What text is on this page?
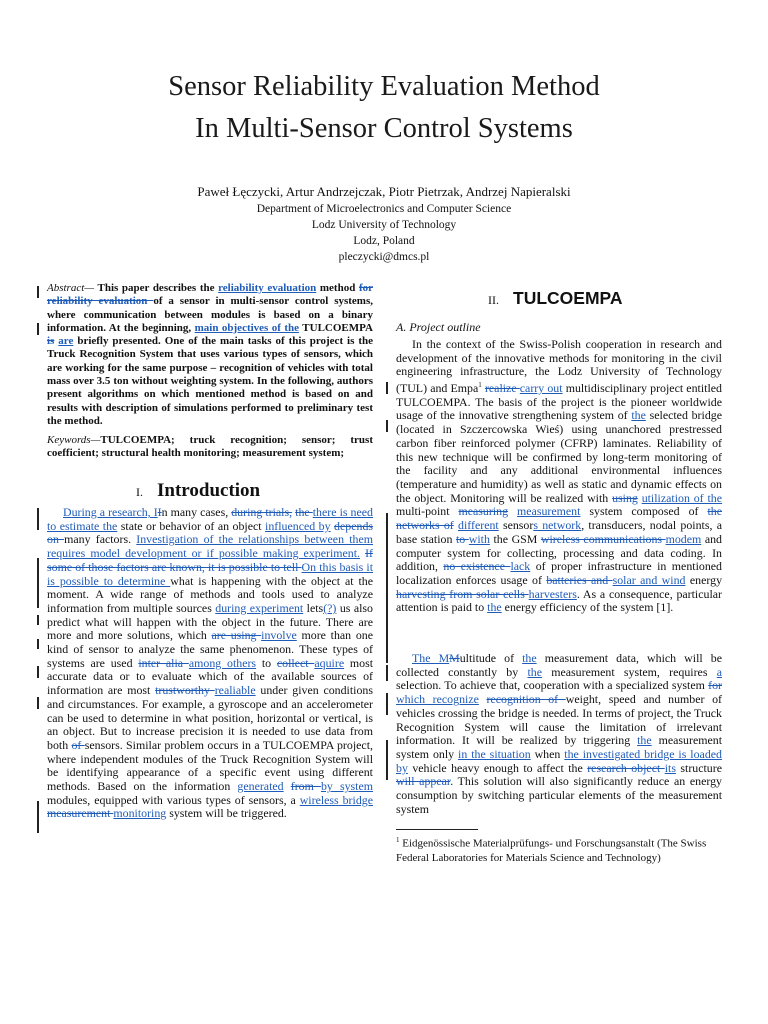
Sensor Reliability Evaluation Method
In Multi-Sensor Control Systems
Paweł Łęczycki, Artur Andrzejczak, Piotr Pietrzak, Andrzej Napieralski
Department of Microelectronics and Computer Science
Lodz University of Technology
Lodz, Poland
pleczycki@dmcs.pl
Abstract— This paper describes the reliability evaluation method for reliability evaluation of a sensor in multi-sensor control systems, where communication between modules is based on a binary information. At the beginning, main objectives of the TULCOEMPA is are briefly presented. One of the main tasks of this project is the Truck Recognition System that uses various types of sensors, which are working for the same purpose – recognition of vehicles with total mass over 3.5 ton without weighting system. In the following, authors present algorithms on which mentioned method is based on and results with description of simulations performed to preliminary test the method.
Keywords—TULCOEMPA; truck recognition; sensor; trust coefficient; structural health monitoring; measurement system;
I. Introduction

During a research, IIn many cases, during trials, the there is need to estimate the state or behavior of an object influenced by depends on many factors. Investigation of the relationships between them requires model development or if possible making experiment. If some of those factors are known, it is possible to tell On this basis it is possible to determine what is happening with the object at the moment. A wide range of methods and tools used to analyze information from multiple sources during experiment lets(?) us also predict what will happen with the object in the future. There are more and more solutions, which are using involve more than one kind of sensor to analyze the same phenomenon. These types of systems are used inter alia among others to collect aquire most accurate data or to evaluate which of the available sources of information are most trustworthy realiable under given conditions and circumstances. For example, a gyroscope and an accelerometer can be used to determine in what position, horizontal or vertical, is an object. But to increase precision it is needed to use data from both of sensors. Similar problem occurs in a TULCOEMPA project, where independent modules of the Truck Recognition System will be identifying appearance of a specific event using different methods. Based on the information generated from by system modules, equipped with various types of sensors, a wireless bridge measurement monitoring system will be triggered.

II. TULCOEMPA
A. Project outline

In the context of the Swiss-Polish cooperation in research and development of the innovative methods for monitoring in the civil engineering infrastructure, the Lodz University of Technology (TUL) and Empa$^1$ realize carry out multidisciplinary project entitled TULCOEMPA. The basis of the project is the pioneer worldwide usage of the innovative strengthening system of the selected bridge (located in Szczercowska Wieś) using unanchored prestressed carbon fiber reinforced polymer (CFRP) laminates. Reliability of this new technique will be confirmed by long-term monitoring of the facility and any additional environmental influences (temperature and humidity) as well as static and dynamic effects on the object. Monitoring will be realized with using utilization of the multi-point measuring measurement system composed of the networks of different sensors network, transducers, nodal points, a base station to with the GSM wireless communications modem and computer system for collecting, processing and data coding. In addition, no existence lack of proper infrastructure in mentioned localization enforces usage of batteries and solar and wind energy harvesting from solar cells harvesters. As a consequence, particular attention is paid to the energy efficiency of the system [1].

The MMultitude of the measurement data, which will be collected constantly by the measurement system, requires a selection. To achieve that, cooperation with a specialized system for which recognize recognition of weight, speed and number of vehicles crossing the bridge is needed. In terms of project, the Truck Recognition System will cause the limitation of irrelevant information. It will be realized by triggering the measurement system only in the situation when the investigated bridge is loaded by vehicle heavy enough to affect the research object its structure will appear. This solution will also significantly reduce an energy consumption by switching particular elements of the measurement system

$^1$ Eidgenössische Materialprüfungs- und Forschungsanstalt (The Swiss Federal Laboratories for Materials Science and Technology)
